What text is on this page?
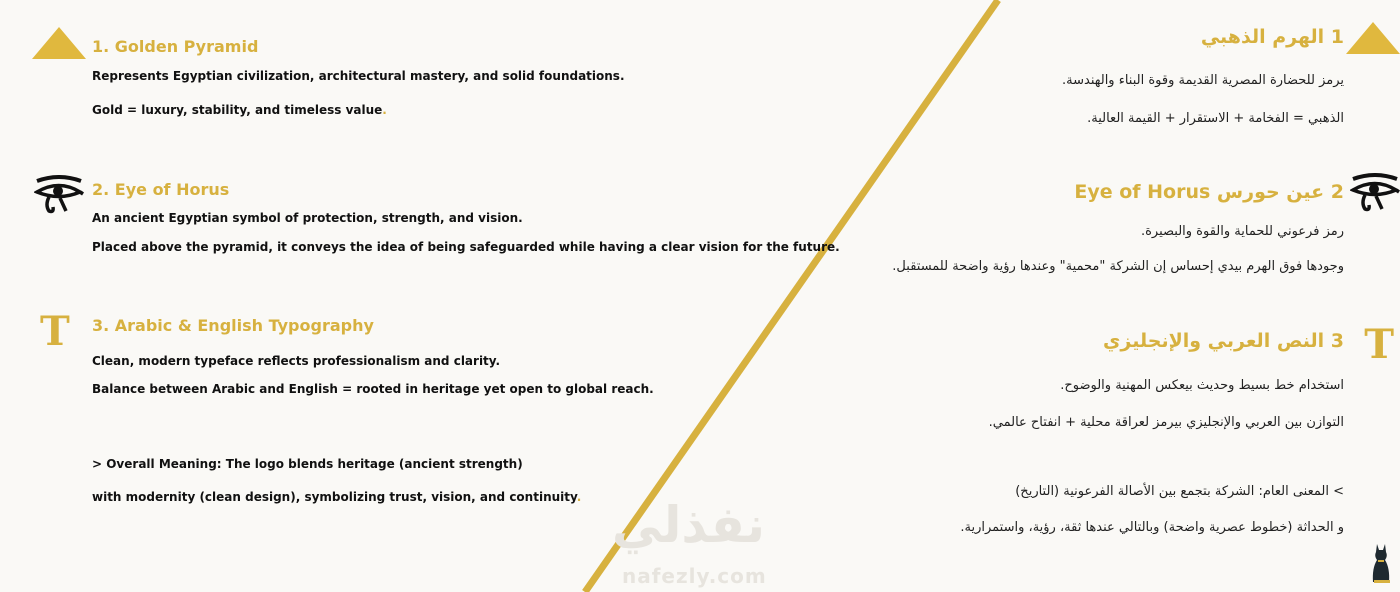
نفذلي
nafezly.com
1. Golden Pyramid
Represents Egyptian civilization, architectural mastery, and solid foundations.
Gold = luxury, stability, and timeless value.
2. Eye of Horus
An ancient Egyptian symbol of protection, strength, and vision.
Placed above the pyramid, it conveys the idea of being safeguarded while having a clear vision for the future.
T 3. Arabic & English Typography
Clean, modern typeface reflects professionalism and clarity.
Balance between Arabic and English = rooted in heritage yet open to global reach.
> Overall Meaning: The logo blends heritage (ancient strength)
with modernity (clean design), symbolizing trust, vision, and continuity.
1 الهرم الذهبي
يرمز للحضارة المصرية القديمة وقوة البناء والهندسة.
الذهبي = الفخامة + الاستقرار + القيمة العالية.
2 عين حورس Eye of Horus
رمز فرعوني للحماية والقوة والبصيرة.
وجودها فوق الهرم بيدي إحساس إن الشركة "محمية" وعندها رؤية واضحة للمستقبل.
T
3 النص العربي والإنجليزي
استخدام خط بسيط وحديث بيعكس المهنية والوضوح.
التوازن بين العربي والإنجليزي بيرمز لعراقة محلية + انفتاح عالمي.
> المعنى العام: الشركة بتجمع بين الأصالة الفرعونية (التاريخ)
و الحداثة (خطوط عصرية واضحة) وبالتالي عندها ثقة، رؤية، واستمرارية.
